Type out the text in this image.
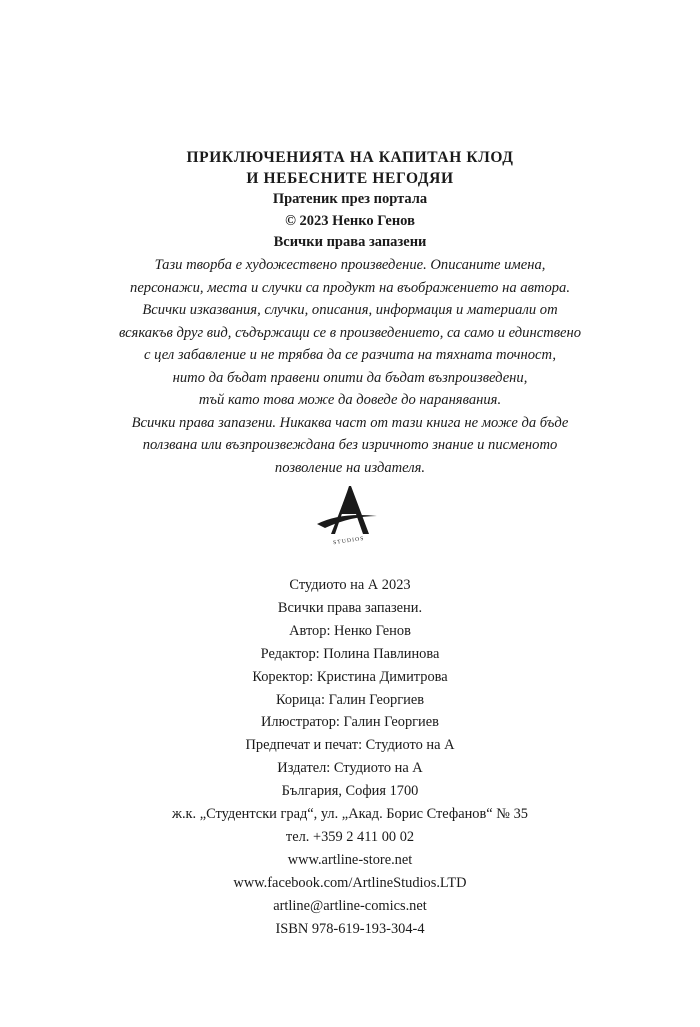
ПРИКЛЮЧЕНИЯТА НА КАПИТАН КЛОД

И НЕБЕСНИТЕ НЕГОДЯИ

Пратеник през портала

© 2023 Ненко Генов

Всички права запазени

Тази творба е художествено произведение. Описаните имена,

персонажи, места и случки са продукт на въображението на автора.

Всички изказвания, случки, описания, информация и материали от

всякакъв друг вид, съдържащи се в произведението, са само и единствено

с цел забавление и не трябва да се разчита на тяхната точност,

нито да бъдат правени опити да бъдат възпроизведени,

тъй като това може да доведе до наранявания.

Всички права запазени. Никаква част от тази книга не може да бъде

ползвана или възпроизвеждана без изричното знание и писменото

позволение на издателя.

STUDIOS

Студиото на А 2023

Всички права запазени.

Автор: Ненко Генов

Редактор: Полина Павлинова

Коректор: Кристина Димитрова

Корица: Галин Георгиев

Илюстратор: Галин Георгиев

Предпечат и печат: Студиото на А

Издател: Студиото на А

България, София 1700

ж.к. „Студентски град“, ул. „Акад. Борис Стефанов“ № 35

тел. +359 2 411 00 02

www.artline-store.net

www.facebook.com/ArtlineStudios.LTD

artline@artline-comics.net

ISBN 978-619-193-304-4
